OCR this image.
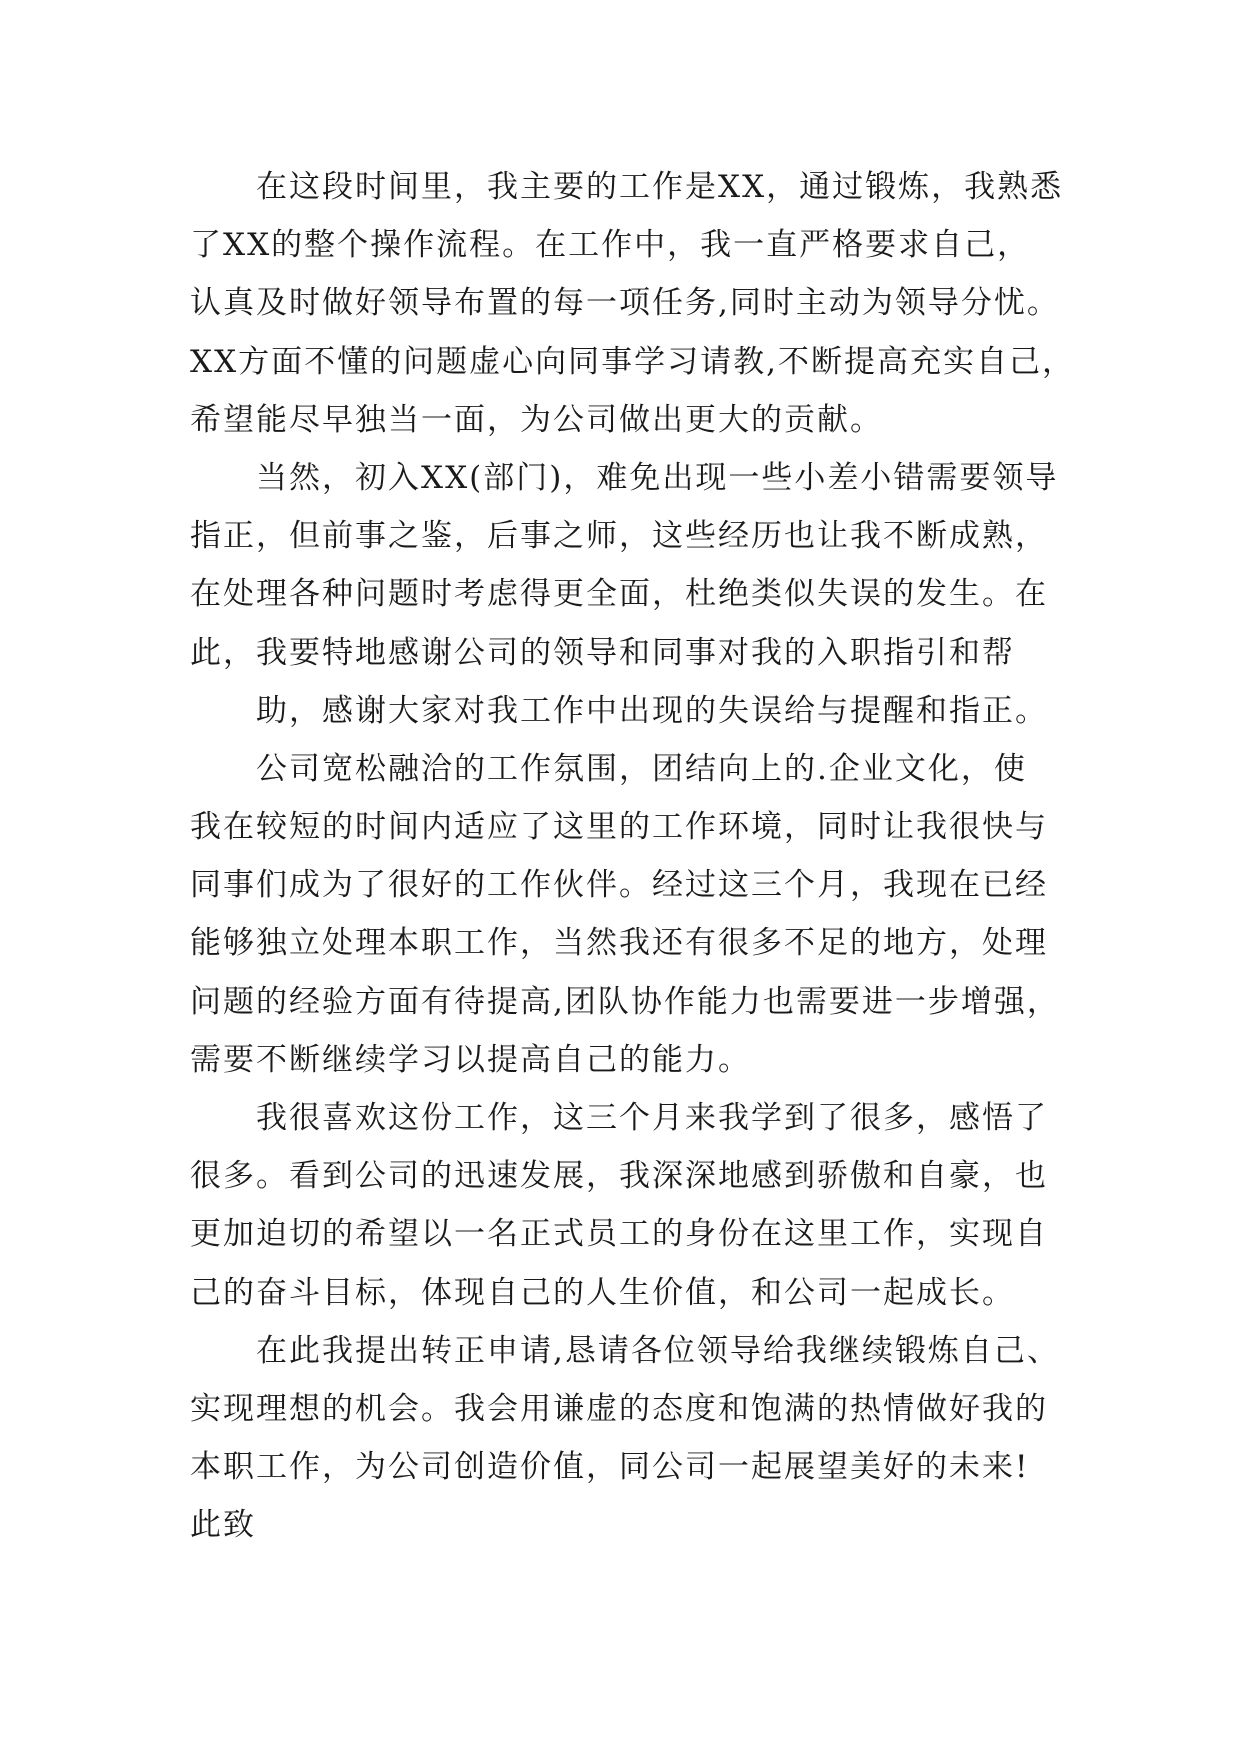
在这段时间里，我主要的工作是XX，通过锻炼，我熟悉
了XX的整个操作流程。在工作中，我一直严格要求自己，
认真及时做好领导布置的每一项任务,同时主动为领导分忧。
XX方面不懂的问题虚心向同事学习请教,不断提高充实自己，
希望能尽早独当一面，为公司做出更大的贡献。
当然，初入XX(部门)，难免出现一些小差小错需要领导
指正，但前事之鉴，后事之师，这些经历也让我不断成熟，
在处理各种问题时考虑得更全面，杜绝类似失误的发生。在
此，我要特地感谢公司的领导和同事对我的入职指引和帮
助，感谢大家对我工作中出现的失误给与提醒和指正。
公司宽松融洽的工作氛围，团结向上的.企业文化，使
我在较短的时间内适应了这里的工作环境，同时让我很快与
同事们成为了很好的工作伙伴。经过这三个月，我现在已经
能够独立处理本职工作，当然我还有很多不足的地方，处理
问题的经验方面有待提高,团队协作能力也需要进一步增强，
需要不断继续学习以提高自己的能力。
我很喜欢这份工作，这三个月来我学到了很多，感悟了
很多。看到公司的迅速发展，我深深地感到骄傲和自豪，也
更加迫切的希望以一名正式员工的身份在这里工作，实现自
己的奋斗目标，体现自己的人生价值，和公司一起成长。
在此我提出转正申请,恳请各位领导给我继续锻炼自己、
实现理想的机会。我会用谦虚的态度和饱满的热情做好我的
本职工作，为公司创造价值，同公司一起展望美好的未来!
此致
